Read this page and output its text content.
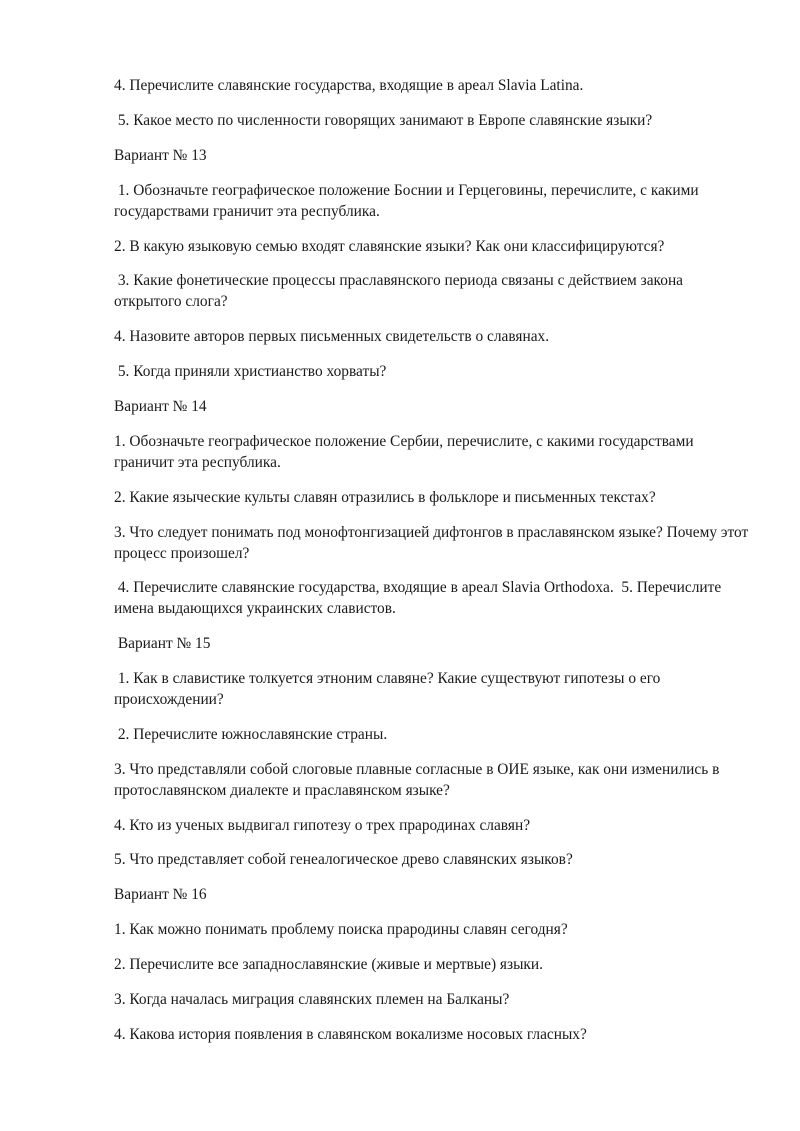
4. Перечислите славянские государства, входящие в ареал Slavia Latina.

5. Какое место по численности говорящих занимают в Европе славянские языки?

Вариант № 13

1. Обозначьте географическое положение Боснии и Герцеговины, перечислите, с какими государствами граничит эта республика.

2. В какую языковую семью входят славянские языки? Как они классифицируются?

3. Какие фонетические процессы праславянского периода связаны с действием закона открытого слога?

4. Назовите авторов первых письменных свидетельств о славянах.

5. Когда приняли христианство хорваты?

Вариант № 14

1. Обозначьте географическое положение Сербии, перечислите, с какими государствами граничит эта республика.

2. Какие языческие культы славян отразились в фольклоре и письменных текстах?

3. Что следует понимать под монофтонгизацией дифтонгов в праславянском языке? Почему этот процесс произошел?

4. Перечислите славянские государства, входящие в ареал Slavia Orthodoxa.  5. Перечислите имена выдающихся украинских славистов.

Вариант № 15

1. Как в славистике толкуется этноним славяне? Какие существуют гипотезы о его происхождении?

2. Перечислите южнославянские страны.

3. Что представляли собой слоговые плавные согласные в ОИЕ языке, как они изменились в протославянском диалекте и праславянском языке?

4. Кто из ученых выдвигал гипотезу о трех прародинах славян?

5. Что представляет собой генеалогическое древо славянских языков?

Вариант № 16

1. Как можно понимать проблему поиска прародины славян сегодня?

2. Перечислите все западнославянские (живые и мертвые) языки.

3. Когда началась миграция славянских племен на Балканы?

4. Какова история появления в славянском вокализме носовых гласных?
